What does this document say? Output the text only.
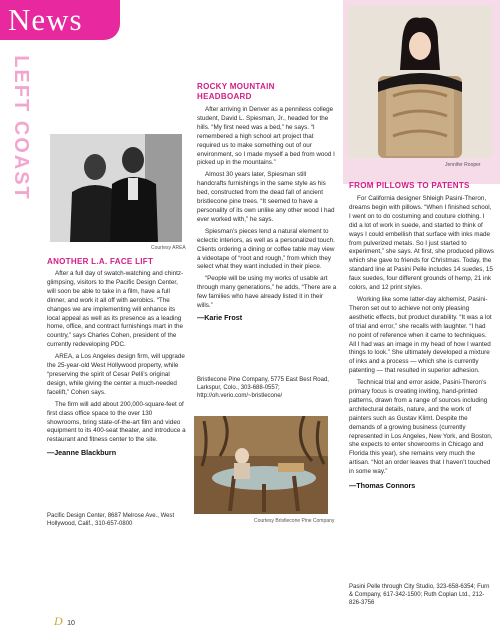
News
LEFT COAST
Courtesy AREA
ANOTHER L.A. FACE LIFT

After a full day of swatch-watching and chintz-glimpsing, visitors to the Pacific Design Center, will soon be able to take in a film, have a full dinner, and work it all off with aerobics. “The changes we are implementing will enhance its local appeal as well as its presence as a leading home, office, and contract furnishings mart in the country,” says Charles Cohen, president of the currently redeveloping PDC.

AREA, a Los Angeles design firm, will upgrade the 25-year-old West Hollywood property, while “preserving the spirit of Cesar Pelli’s original design, while giving the center a much-needed facelift,” Cohen says.

The firm will add about 200,000-square-feet of first class office space to the over 130 showrooms, bring state-of-the-art film and video equipment to its 400-seat theater, and introduce a restaurant and fitness center to the site.

—Jeanne Blackburn
Pacific Design Center, 8687 Melrose Ave., West Hollywood, Calif., 310-657-0800
ROCKY MOUNTAIN
HEADBOARD

After arriving in Denver as a penniless college student, David L. Spiesman, Jr., headed for the hills. “My first need was a bed,” he says. “I remembered a high school art project that required us to make something out of our environment, so I made myself a bed from wood I picked up in the mountains.”

Almost 30 years later, Spiesman still handcrafts furnishings in the same style as his bed, constructed from the dead fall of ancient bristlecone pine trees. “It seemed to have a personality of its own unlike any other wood I had ever worked with,” he says.

Spiesman’s pieces lend a natural element to eclectic interiors, as well as a personalized touch. Clients ordering a dining or coffee table may view a videotape of “root and rough,” from which they select what they want included in their piece.

“People will be using my works of usable art through many generations,” he adds, “There are a few families who have already listed it in their wills.”

—Karie Frost
Bristlecone Pine Company, 5775 East Best Road, Larkspur, Colo., 303-688-0557; http://oh.verio.com/~bristlecone/
Courtesy Bristlecone Pine Company
Jennifer Rooper
FROM PILLOWS TO PATENTS

For California designer Shleigh Pasini-Theron, dreams begin with pillows. “When I finished school, I went on to do costuming and couture clothing. I did a lot of work in suede, and started to think of ways I could embellish that surface with inks made from pulverized metals. So I just started to experiment,” she says. At first, she produced pillows which she gave to friends for Christmas. Today, the standard line at Pasini Pelle includes 14 suedes, 15 faux suedes, four different grounds of hemp, 21 ink colors, and 12 print styles.

Working like some latter-day alchemist, Pasini-Theron set out to achieve not only pleasing aesthetic effects, but product durability. “It was a lot of trial and error,” she recalls with laughter. “I had no point of reference when it came to techniques. All I had was an image in my head of how I wanted things to look.” She ultimately developed a mixture of inks and a process — which she is currently patenting — that resulted in superior adhesion.

Technical trial and error aside, Pasini-Theron’s primary focus is creating inviting, hand-printed patterns, drawn from a range of sources including architectural details, nature, and the work of painters such as Gustav Klimt. Despite the demands of a growing business (currently represented in Los Angeles, New York, and Boston, she expects to enter showrooms in Chicago and Florida this year), she remains very much the artisan. “Not an order leaves that I haven’t touched in some way.”

—Thomas Connors
Pasini Pelle through City Studio, 323-658-6354; Furn & Company, 617-342-1500; Ruth Coplan Ltd., 212-826-3756
D 10
